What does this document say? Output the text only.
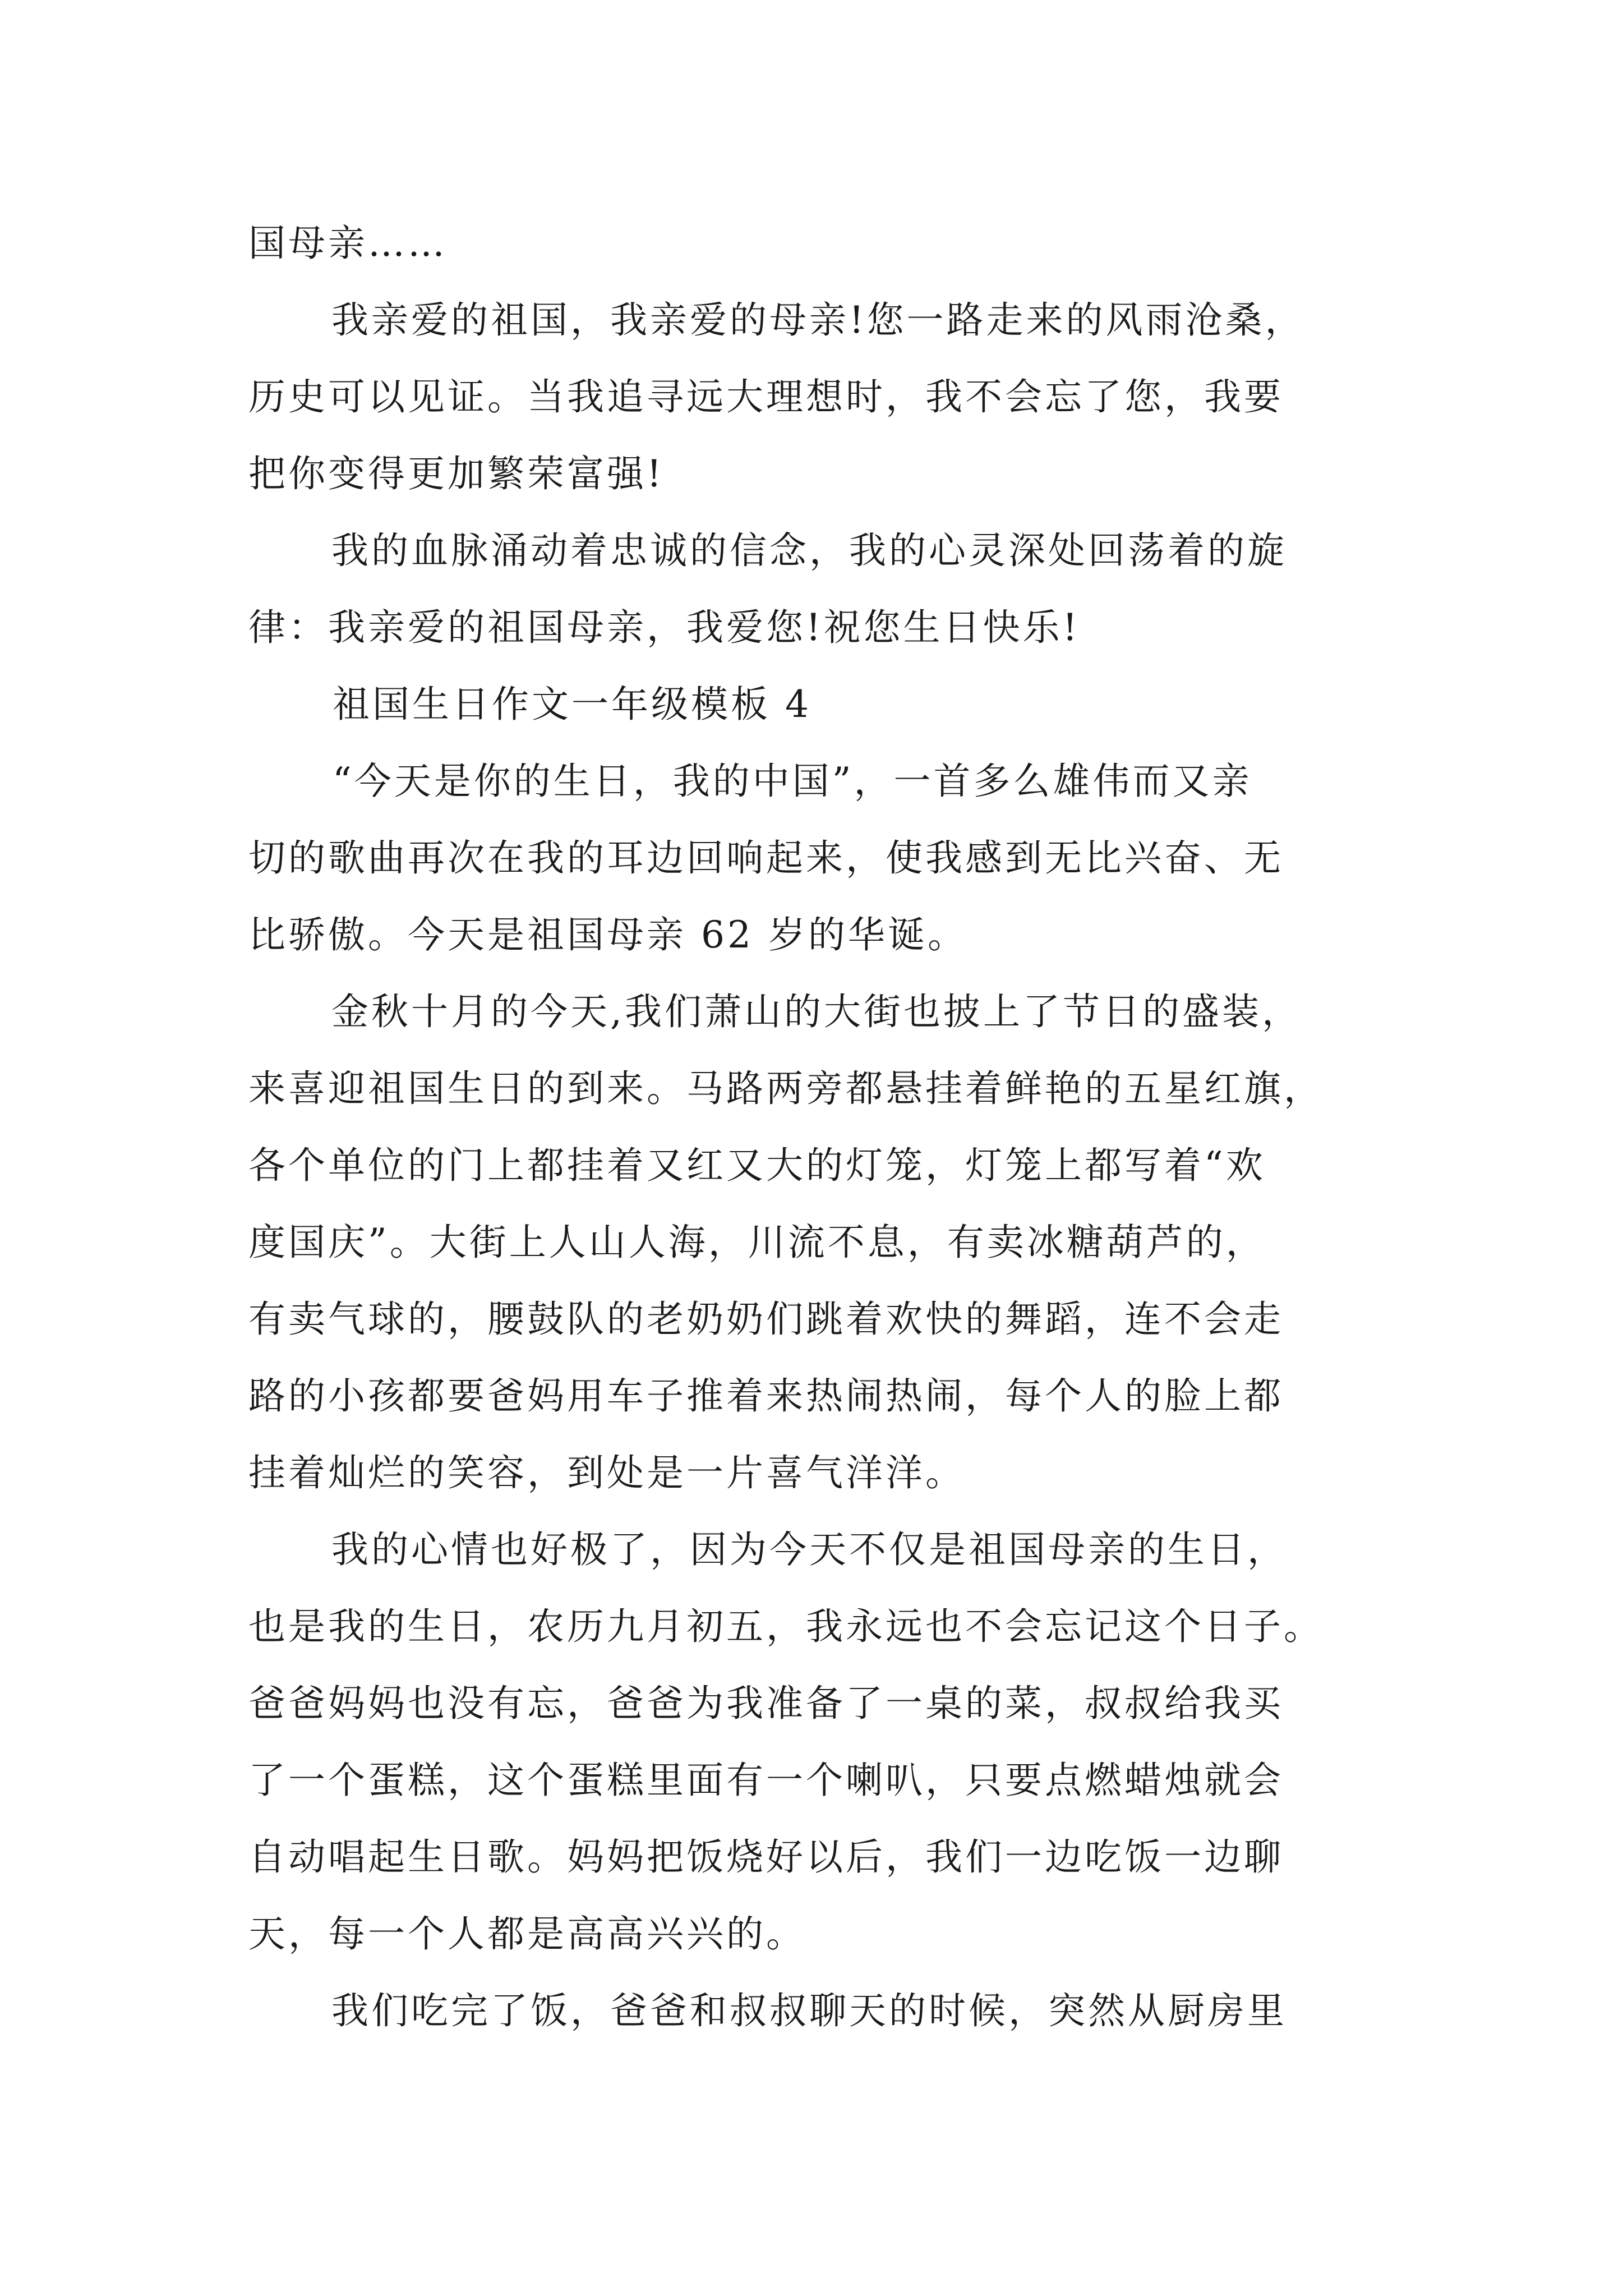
国母亲……
我亲爱的祖国，我亲爱的母亲!您一路走来的风雨沧桑，
历史可以见证。当我追寻远大理想时，我不会忘了您，我要
把你变得更加繁荣富强!
我的血脉涌动着忠诚的信念，我的心灵深处回荡着的旋
律：我亲爱的祖国母亲，我爱您!祝您生日快乐!
祖国生日作文一年级模板 4
“今天是你的生日，我的中国”，一首多么雄伟而又亲
切的歌曲再次在我的耳边回响起来，使我感到无比兴奋、无
比骄傲。今天是祖国母亲 62 岁的华诞。
金秋十月的今天,我们萧山的大街也披上了节日的盛装，
来喜迎祖国生日的到来。马路两旁都悬挂着鲜艳的五星红旗，
各个单位的门上都挂着又红又大的灯笼，灯笼上都写着“欢
度国庆”。大街上人山人海，川流不息，有卖冰糖葫芦的，
有卖气球的，腰鼓队的老奶奶们跳着欢快的舞蹈，连不会走
路的小孩都要爸妈用车子推着来热闹热闹，每个人的脸上都
挂着灿烂的笑容，到处是一片喜气洋洋。
我的心情也好极了，因为今天不仅是祖国母亲的生日，
也是我的生日，农历九月初五，我永远也不会忘记这个日子。
爸爸妈妈也没有忘，爸爸为我准备了一桌的菜，叔叔给我买
了一个蛋糕，这个蛋糕里面有一个喇叭，只要点燃蜡烛就会
自动唱起生日歌。妈妈把饭烧好以后，我们一边吃饭一边聊
天，每一个人都是高高兴兴的。
我们吃完了饭，爸爸和叔叔聊天的时候，突然从厨房里
